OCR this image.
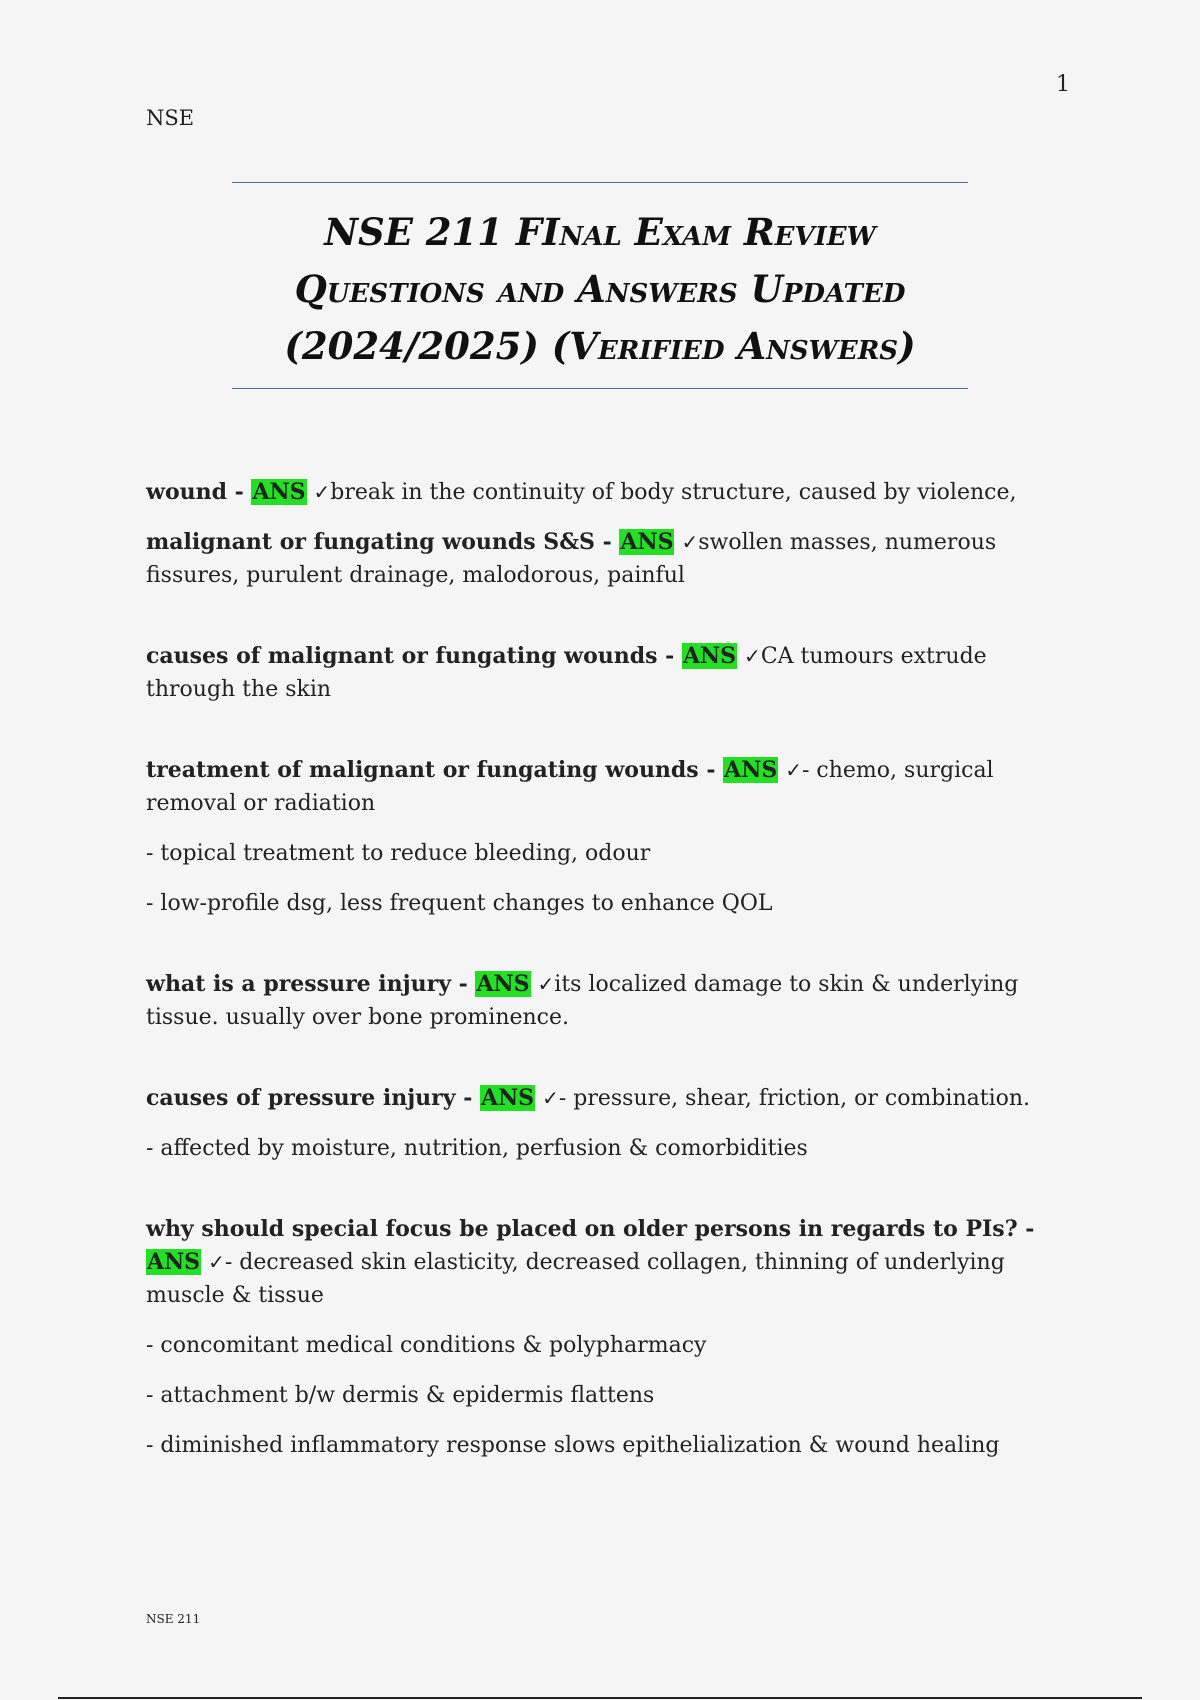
1
NSE
NSE 211 FInal Exam Review
Questions and Answers Updated
(2024/2025) (Verified Answers)

wound - ANS ✓break in the continuity of body structure, caused by violence,

malignant or fungating wounds S&S - ANS ✓swollen masses, numerous fissures, purulent drainage, malodorous, painful

causes of malignant or fungating wounds - ANS ✓CA tumours extrude through the skin

treatment of malignant or fungating wounds - ANS ✓- chemo, surgical removal or radiation

- topical treatment to reduce bleeding, odour

- low-profile dsg, less frequent changes to enhance QOL

what is a pressure injury - ANS ✓its localized damage to skin & underlying tissue. usually over bone prominence.

causes of pressure injury - ANS ✓- pressure, shear, friction, or combination.

- affected by moisture, nutrition, perfusion & comorbidities

why should special focus be placed on older persons in regards to PIs? - ANS ✓- decreased skin elasticity, decreased collagen, thinning of underlying muscle & tissue

- concomitant medical conditions & polypharmacy

- attachment b/w dermis & epidermis flattens

- diminished inflammatory response slows epithelialization & wound healing

NSE 211
